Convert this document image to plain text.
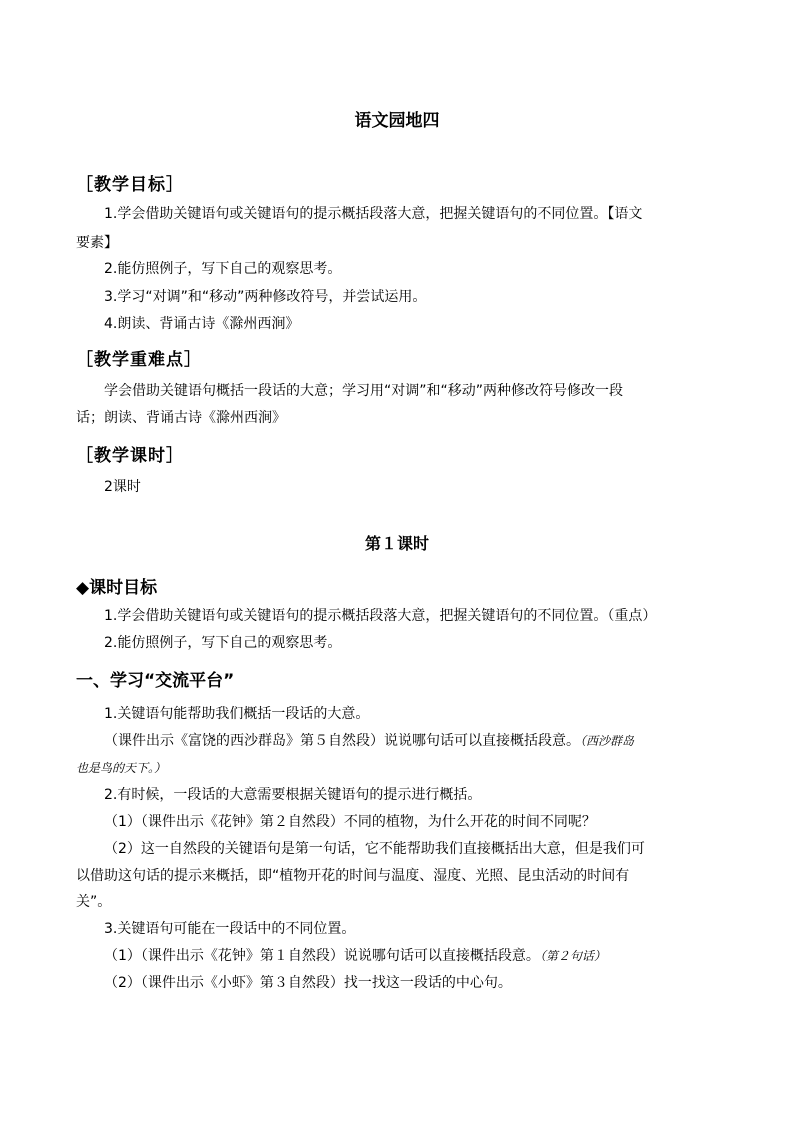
语文园地四
［教学目标］
1.学会借助关键语句或关键语句的提示概括段落大意，把握关键语句的不同位置。【语文
要素】
2.能仿照例子，写下自己的观察思考。
3.学习“对调”和“移动”两种修改符号，并尝试运用。
4.朗读、背诵古诗《滁州西涧》
［教学重难点］
学会借助关键语句概括一段话的大意；学习用“对调”和“移动”两种修改符号修改一段
话；朗读、背诵古诗《滁州西涧》
［教学课时］
2课时
第１课时
◆课时目标
1.学会借助关键语句或关键语句的提示概括段落大意，把握关键语句的不同位置。（重点）
2.能仿照例子，写下自己的观察思考。
一、学习“交流平台”
1.关键语句能帮助我们概括一段话的大意。
（课件出示《富饶的西沙群岛》第５自然段）说说哪句话可以直接概括段意。（西沙群岛
也是鸟的天下。）
2.有时候，一段话的大意需要根据关键语句的提示进行概括。
（1）（课件出示《花钟》第２自然段）不同的植物，为什么开花的时间不同呢？
（2）这一自然段的关键语句是第一句话，它不能帮助我们直接概括出大意，但是我们可
以借助这句话的提示来概括，即“植物开花的时间与温度、湿度、光照、昆虫活动的时间有
关”。
3.关键语句可能在一段话中的不同位置。
（1）（课件出示《花钟》第１自然段）说说哪句话可以直接概括段意。（第２句话）
（2）（课件出示《小虾》第３自然段）找一找这一段话的中心句。
